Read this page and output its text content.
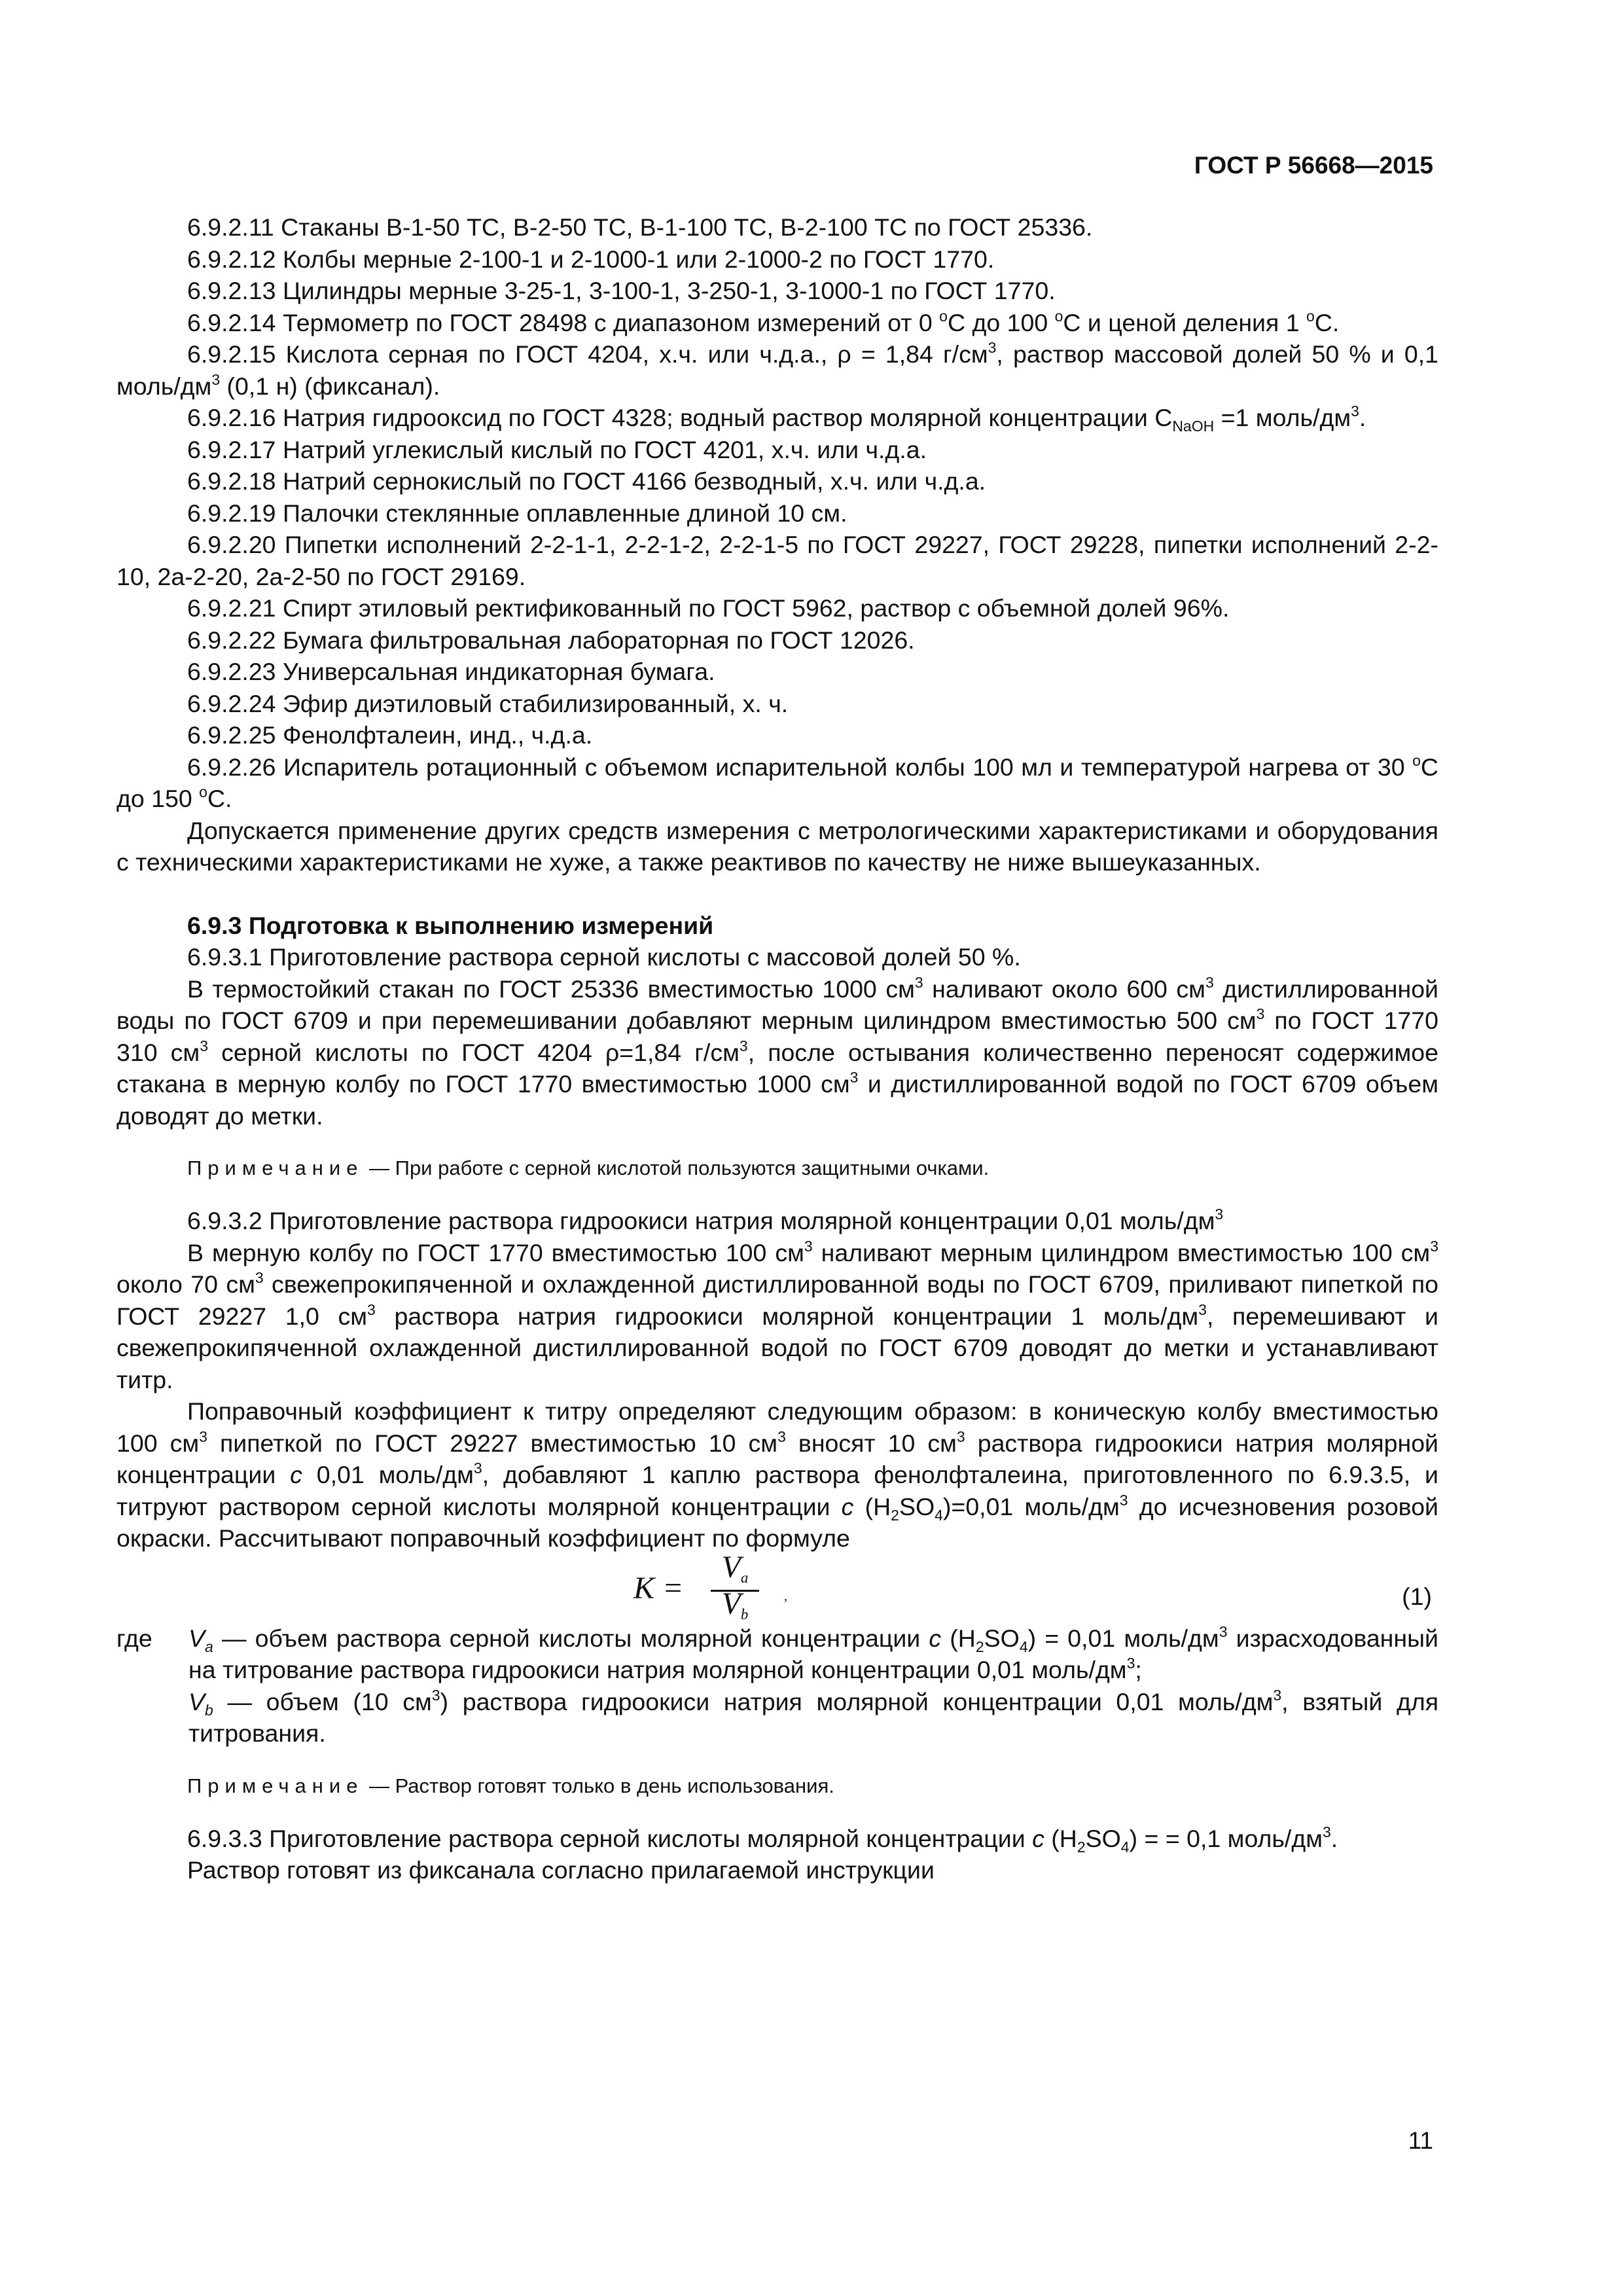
ГОСТ Р 56668—2015

6.9.2.11 Стаканы В-1-50 ТС, В-2-50 ТС, В-1-100 ТС, В-2-100 ТС по ГОСТ 25336.

6.9.2.12 Колбы мерные 2-100-1 и 2-1000-1 или 2-1000-2 по ГОСТ 1770.

6.9.2.13 Цилиндры мерные 3-25-1, 3-100-1, 3-250-1, 3-1000-1 по ГОСТ 1770.

6.9.2.14 Термометр по ГОСТ 28498 с диапазоном измерений от 0 $^о$С до 100 $^о$С и ценой деления 1 $^о$С.

6.9.2.15 Кислота серная по ГОСТ 4204, х.ч. или ч.д.а., ρ = 1,84 $г/см^3$, раствор массовой долей 50 % и 0,1 моль/$дм^3$ (0,1 н) (фиксанал).

6.9.2.16 Натрия гидрооксид по ГОСТ 4328; водный раствор молярной концентрации $С_{NaOH} =1$ моль/$дм^3$.

6.9.2.17 Натрий углекислый кислый по ГОСТ 4201, х.ч. или ч.д.а.

6.9.2.18 Натрий сернокислый по ГОСТ 4166 безводный, х.ч. или ч.д.а.

6.9.2.19 Палочки стеклянные оплавленные длиной 10 см.

6.9.2.20 Пипетки исполнений 2-2-1-1, 2-2-1-2, 2-2-1-5 по ГОСТ 29227, ГОСТ 29228, пипетки исполнений 2-2-10, 2а-2-20, 2а-2-50 по ГОСТ 29169.

6.9.2.21 Спирт этиловый ректификованный по ГОСТ 5962, раствор с объемной долей 96%.

6.9.2.22 Бумага фильтровальная лабораторная по ГОСТ 12026.

6.9.2.23 Универсальная индикаторная бумага.

6.9.2.24 Эфир диэтиловый стабилизированный, х. ч.

6.9.2.25 Фенолфталеин, инд., ч.д.а.

6.9.2.26 Испаритель ротационный с объемом испарительной колбы 100 мл и температурой нагрева от 30 $^о$С до 150 $^о$С.

Допускается применение других средств измерения с метрологическими характеристиками и оборудования с техническими характеристиками не хуже, а также реактивов по качеству не ниже вышеуказанных.

6.9.3 Подготовка к выполнению измерений

6.9.3.1 Приготовление раствора серной кислоты с массовой долей 50 %.

В термостойкий стакан по ГОСТ 25336 вместимостью 1000 $см^3$ наливают около 600 $см^3$ дистиллированной воды по ГОСТ 6709 и при перемешивании добавляют мерным цилиндром вместимостью 500 $см^3$ по ГОСТ 1770 310 $см^3$ серной кислоты по ГОСТ 4204 ρ=1,84 $г/см^3$, после остывания количественно переносят содержимое стакана в мерную колбу по ГОСТ 1770 вместимостью 1000 $см^3$ и дистиллированной водой по ГОСТ 6709 объем доводят до метки.

Примечание — При работе с серной кислотой пользуются защитными очками.

6.9.3.2 Приготовление раствора гидроокиси натрия молярной концентрации 0,01 моль/$дм^3$

В мерную колбу по ГОСТ 1770 вместимостью 100 $см^3$ наливают мерным цилиндром вместимостью 100 $см^3$ около 70 $см^3$ свежепрокипяченной и охлажденной дистиллированной воды по ГОСТ 6709, приливают пипеткой по ГОСТ 29227 1,0 $см^3$ раствора натрия гидроокиси молярной концентрации 1 моль/$дм^3$, перемешивают и свежепрокипяченной охлажденной дистиллированной водой по ГОСТ 6709 доводят до метки и устанавливают титр.

Поправочный коэффициент к титру определяют следующим образом: в коническую колбу вместимостью 100 $см^3$ пипеткой по ГОСТ 29227 вместимостью 10 $см^3$ вносят 10 $см^3$ раствора гидроокиси натрия молярной концентрации с 0,01 моль/$дм^3$, добавляют 1 каплю раствора фенолфталеина, приготовленного по 6.9.3.5, и титруют раствором серной кислоты молярной концентрации с $(H_2SO_4)=0,01$ моль/$дм^3$ до исчезновения розовой окраски. Рассчитывают поправочный коэффициент по формуле

K =
$V_a$
$V_b$
,	(1)
где $V_a$ — объем раствора серной кислоты молярной концентрации с $(H_2SO_4) = 0,01$ моль/$дм^3$ израсходованный на титрование раствора гидроокиси натрия молярной концентрации 0,01 моль/$дм^3$;

$V_b$ — объем (10 $см^3$) раствора гидроокиси натрия молярной концентрации 0,01 моль/$дм^3$, взятый для титрования.

Примечание — Раствор готовят только в день использования.

6.9.3.3 Приготовление раствора серной кислоты молярной концентрации с $(H_2SO_4)$ = = 0,1 моль/$дм^3$.

Раствор готовят из фиксанала согласно прилагаемой инструкции

11
